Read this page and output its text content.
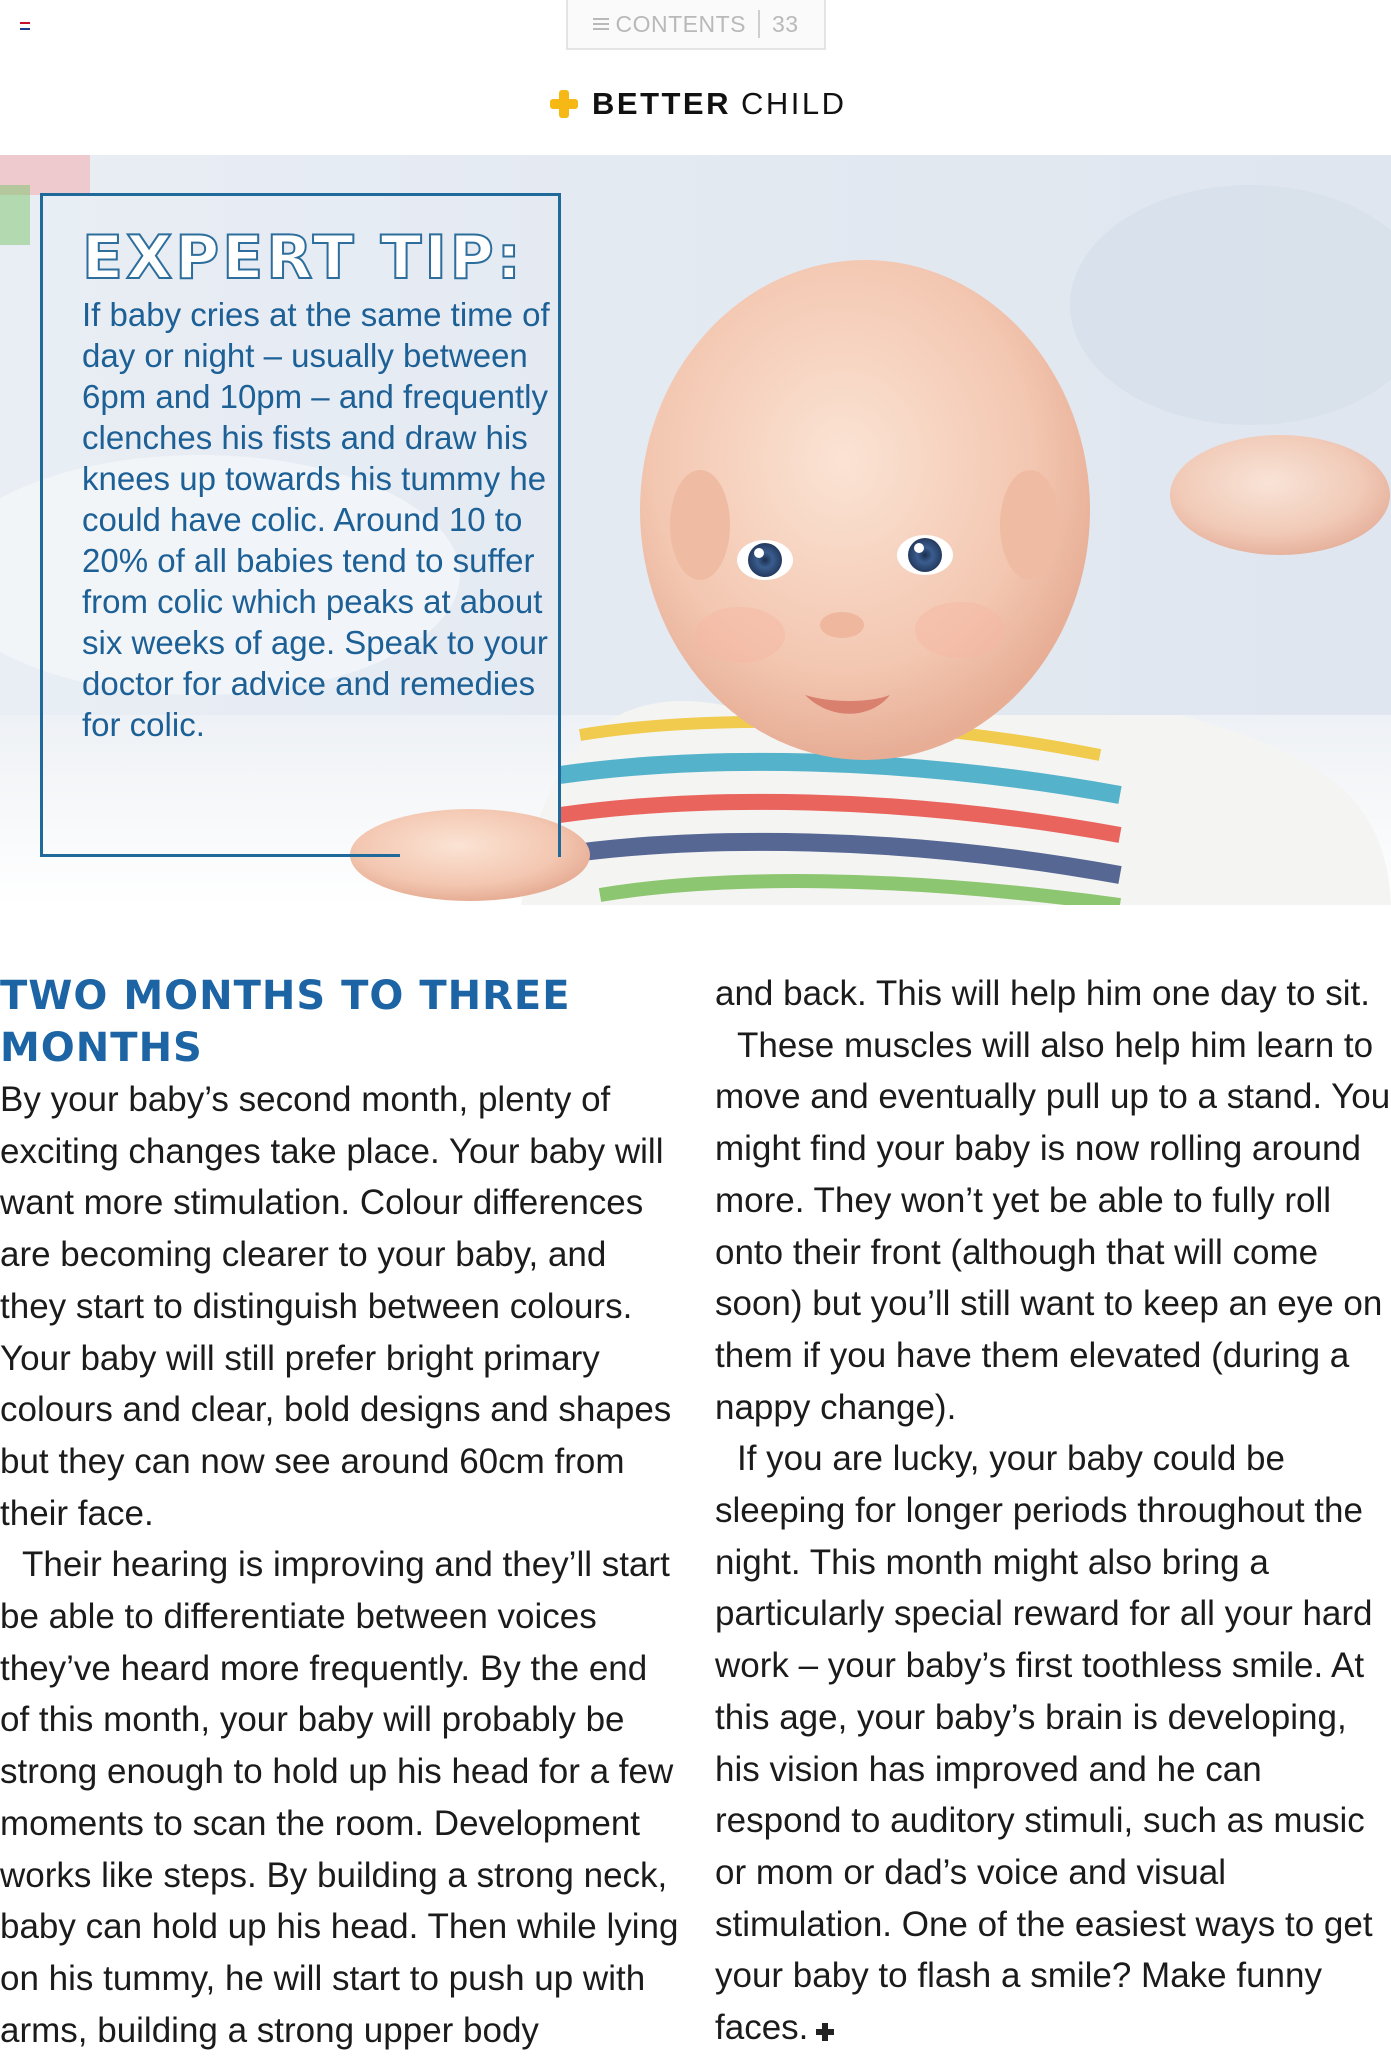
CONTENTS 33
BETTER CHILD
EXPERT TIP:

If baby cries at the same time of day or night – usually between 6pm and 10pm – and frequently clenches his fists and draw his knees up towards his tummy he could have colic. Around 10 to 20% of all babies tend to suffer from colic which peaks at about six weeks of age. Speak to your doctor for advice and remedies for colic.

TWO MONTHS TO THREE MONTHS

By your baby’s second month, plenty of exciting changes take place. Your baby will want more stimulation. Colour differences are becoming clearer to your baby, and they start to distinguish between colours. Your baby will still prefer bright primary colours and clear, bold designs and shapes but they can now see around 60cm from their face.

Their hearing is improving and they’ll start be able to differentiate between voices they’ve heard more frequently. By the end of this month, your baby will probably be strong enough to hold up his head for a few moments to scan the room. Development works like steps. By building a strong neck, baby can hold up his head. Then while lying on his tummy, he will start to push up with arms, building a strong upper body

and back. This will help him one day to sit.

These muscles will also help him learn to move and eventually pull up to a stand. You might find your baby is now rolling around more. They won’t yet be able to fully roll onto their front (although that will come soon) but you’ll still want to keep an eye on them if you have them elevated (during a nappy change).

If you are lucky, your baby could be sleeping for longer periods throughout the night. This month might also bring a particularly special reward for all your hard work – your baby’s first toothless smile. At this age, your baby’s brain is developing, his vision has improved and he can respond to auditory stimuli, such as music or mom or dad’s voice and visual stimulation. One of the easiest ways to get your baby to flash a smile? Make funny faces.
